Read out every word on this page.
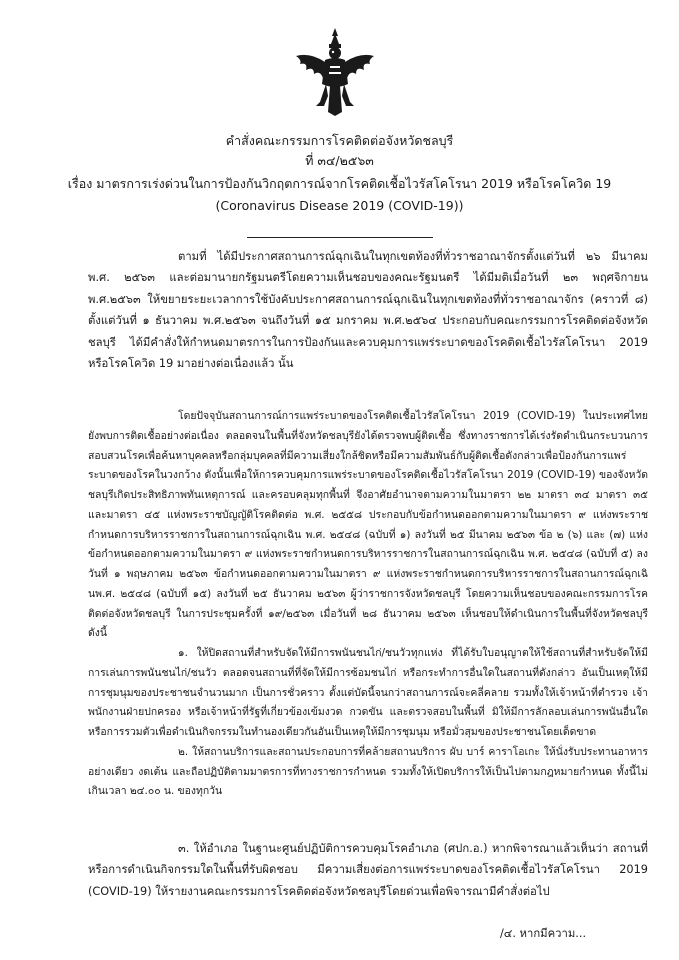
คำสั่งคณะกรรมการโรคติดต่อจังหวัดชลบุรี
ที่ ๓๔/๒๕๖๓
เรื่อง มาตรการเร่งด่วนในการป้องกันวิกฤตการณ์จากโรคติดเชื้อไวรัสโคโรนา 2019 หรือโรคโควิด 19
(Coronavirus Disease 2019 (COVID-19))
ตามที่ ได้มีประกาศสถานการณ์ฉุกเฉินในทุกเขตท้องที่ทั่วราชอาณาจักรตั้งแต่วันที่ ๒๖ มีนาคม พ.ศ. ๒๕๖๓ และต่อมานายกรัฐมนตรีโดยความเห็นชอบของคณะรัฐมนตรี ได้มีมติเมื่อวันที่ ๒๓ พฤศจิกายน พ.ศ.๒๕๖๓ ให้ขยายระยะเวลาการใช้บังคับประกาศสถานการณ์ฉุกเฉินในทุกเขตท้องที่ทั่วราชอาณาจักร (คราวที่ ๘) ตั้งแต่วันที่ ๑ ธันวาคม พ.ศ.๒๕๖๓ จนถึงวันที่ ๑๕ มกราคม พ.ศ.๒๕๖๔ ประกอบกับคณะกรรมการโรคติดต่อจังหวัดชลบุรี ได้มีคำสั่งให้กำหนดมาตรการในการป้องกันและควบคุมการแพร่ระบาดของโรคติดเชื้อไวรัสโคโรนา 2019 หรือโรคโควิด 19 มาอย่างต่อเนื่องแล้ว นั้น
โดยปัจจุบันสถานการณ์การแพร่ระบาดของโรคติดเชื้อไวรัสโคโรนา 2019 (COVID-19) ในประเทศไทย ยังพบการติดเชื้ออย่างต่อเนื่อง ตลอดจนในพื้นที่จังหวัดชลบุรียังได้ตรวจพบผู้ติดเชื้อ ซึ่งทางราชการได้เร่งรัดดำเนินกระบวนการสอบสวนโรคเพื่อค้นหาบุคคลหรือกลุ่มบุคคลที่มีความเสี่ยงใกล้ชิดหรือมีความสัมพันธ์กับผู้ติดเชื้อดังกล่าวเพื่อป้องกันการแพร่ระบาดของโรคในวงกว้าง ดังนั้นเพื่อให้การควบคุมการแพร่ระบาดของโรคติดเชื้อไวรัสโคโรนา 2019 (COVID-19) ของจังหวัดชลบุรีเกิดประสิทธิภาพทันเหตุการณ์ และครอบคลุมทุกพื้นที่ จึงอาศัยอำนาจตามความในมาตรา ๒๒ มาตรา ๓๔ มาตรา ๓๕ และมาตรา ๔๕ แห่งพระราชบัญญัติโรคติดต่อ พ.ศ. ๒๕๕๘ ประกอบกับข้อกำหนดออกตามความในมาตรา ๙ แห่งพระราชกำหนดการบริหารราชการในสถานการณ์ฉุกเฉิน พ.ศ. ๒๕๔๘ (ฉบับที่ ๑) ลงวันที่ ๒๕ มีนาคม ๒๕๖๓ ข้อ ๒ (๖) และ (๗) แห่งข้อกำหนดออกตามความในมาตรา ๙ แห่งพระราชกำหนดการบริหารราชการในสถานการณ์ฉุกเฉิน พ.ศ. ๒๕๔๘ (ฉบับที่ ๕) ลงวันที่ ๑ พฤษภาคม ๒๕๖๓ ข้อกำหนดออกตามความในมาตรา ๙ แห่งพระราชกำหนดการบริหารราชการในสถานการณ์ฉุกเฉินพ.ศ. ๒๕๔๘ (ฉบับที่ ๑๕) ลงวันที่ ๒๕ ธันวาคม ๒๕๖๓ ผู้ว่าราชการจังหวัดชลบุรี โดยความเห็นชอบของคณะกรรมการโรคติดต่อจังหวัดชลบุรี ในการประชุมครั้งที่ ๑๙/๒๕๖๓ เมื่อวันที่ ๒๘ ธันวาคม ๒๕๖๓ เห็นชอบให้ดำเนินการในพื้นที่จังหวัดชลบุรี ดังนี้
๑. ให้ปิดสถานที่สำหรับจัดให้มีการพนันชนไก่/ชนวัวทุกแห่ง ที่ได้รับใบอนุญาตให้ใช้สถานที่สำหรับจัดให้มีการเล่นการพนันชนไก่/ชนวัว ตลอดจนสถานที่ที่จัดให้มีการซ้อมชนไก่ หรือกระทำการอื่นใดในสถานที่ดังกล่าว อันเป็นเหตุให้มีการชุมนุมของประชาชนจำนวนมาก เป็นการชั่วคราว ตั้งแต่บัดนี้จนกว่าสถานการณ์จะคลี่คลาย รวมทั้งให้เจ้าหน้าที่ตำรวจ เจ้าพนักงานฝ่ายปกครอง หรือเจ้าหน้าที่รัฐที่เกี่ยวข้องเข้มงวด กวดขัน และตรวจสอบในพื้นที่ มิให้มีการลักลอบเล่นการพนันอื่นใด หรือการรวมตัวเพื่อดำเนินกิจกรรมในทำนองเดียวกันอันเป็นเหตุให้มีการชุมนุม หรือมั่วสุมของประชาชนโดยเด็ดขาด
๒. ให้สถานบริการและสถานประกอบการที่คล้ายสถานบริการ ผับ บาร์ คาราโอเกะ ให้นั่งรับประทานอาหารอย่างเดียว งดเต้น และถือปฏิบัติตามมาตรการที่ทางราชการกำหนด รวมทั้งให้เปิดบริการให้เป็นไปตามกฎหมายกำหนด ทั้งนี้ไม่เกินเวลา ๒๔.๐๐ น. ของทุกวัน
๓. ให้อำเภอ ในฐานะศูนย์ปฏิบัติการควบคุมโรคอำเภอ (ศปก.อ.) หากพิจารณาแล้วเห็นว่า สถานที่ หรือการดำเนินกิจกรรมใดในพื้นที่รับผิดชอบ มีความเสี่ยงต่อการแพร่ระบาดของโรคติดเชื้อไวรัสโคโรนา 2019 (COVID-19) ให้รายงานคณะกรรมการโรคติดต่อจังหวัดชลบุรีโดยด่วนเพื่อพิจารณามีคำสั่งต่อไป
/๔. หากมีความ...
